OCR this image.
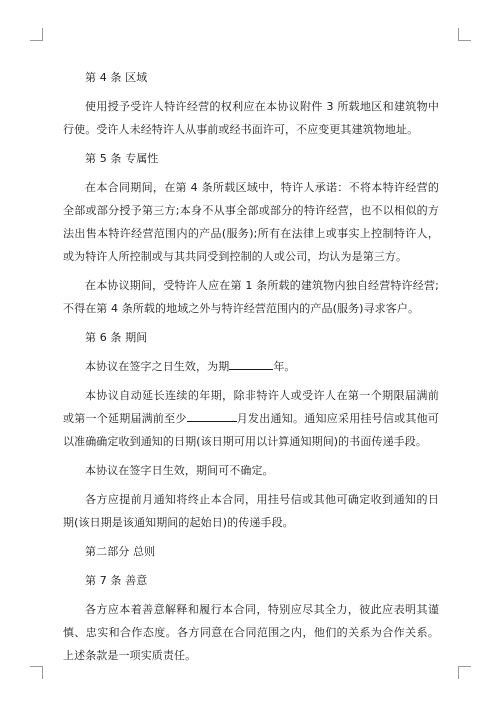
第 4 条 区域

使用授予受许人特许经营的权利应在本协议附件 3 所载地区和建筑物中行使。受许人未经特许人从事前或经书面许可，不应变更其建筑物地址。

第 5 条 专属性

在本合同期间，在第 4 条所载区域中，特许人承诺：不将本特许经营的全部或部分授予第三方;本身不从事全部或部分的特许经营，也不以相似的方法出售本特许经营范围内的产品(服务);所有在法律上或事实上控制特许人，或为特许人所控制或与其共同受到控制的人或公司，均认为是第三方。

在本协议期间，受特许人应在第 1 条所载的建筑物内独自经营特许经营;不得在第 4 条所载的地域之外与特许经营范围内的产品(服务)寻求客户。

第 6 条 期间

本协议在签字之日生效，为期	年。

本协议自动延长连续的年期，除非特许人或受许人在第一个期限届满前或第一个延期届满前至少	月发出通知。通知应采用挂号信或其他可以准确确定收到通知的日期(该日期可用以计算通知期间)的书面传递手段。

本协议在签字日生效，期间可不确定。

各方应提前月通知将终止本合同，用挂号信或其他可确定收到通知的日期(该日期是该通知期间的起始日)的传递手段。

第二部分 总则

第 7 条 善意

各方应本着善意解释和履行本合同，特别应尽其全力，彼此应表明其谨慎、忠实和合作态度。各方同意在合同范围之内，他们的关系为合作关系。上述条款是一项实质责任。
